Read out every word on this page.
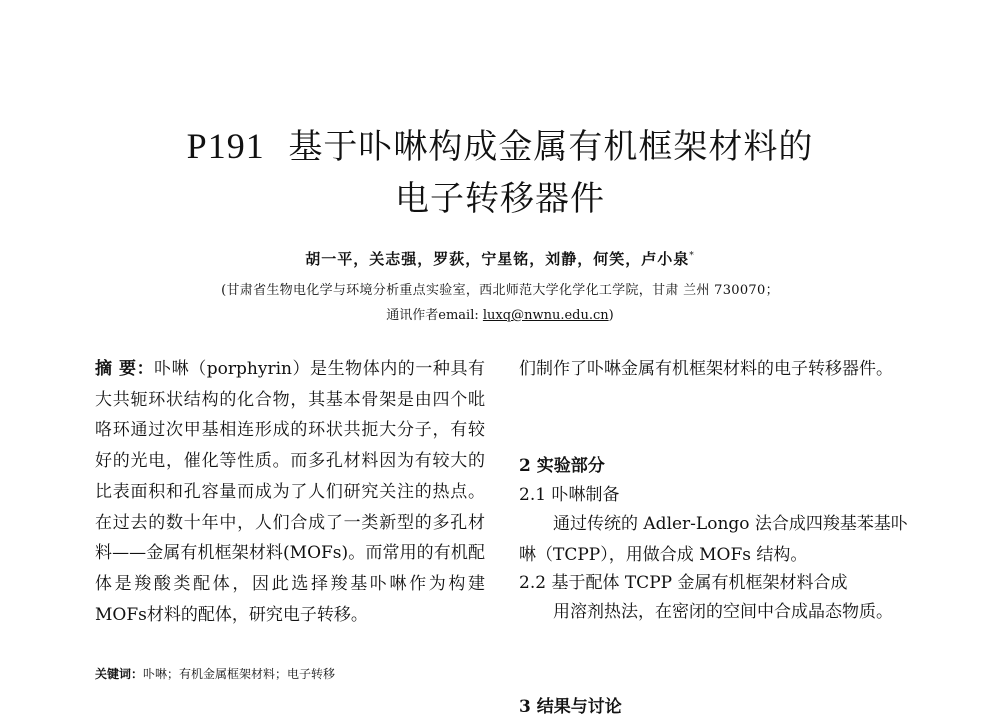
P191 基于卟啉构成金属有机框架材料的
电子转移器件
胡一平，关志强，罗荻，宁星铭，刘静，何笑，卢小泉*
(甘肃省生物电化学与环境分析重点实验室，西北师范大学化学化工学院，甘肃 兰州 730070；
通讯作者email: luxq@nwnu.edu.cn)
摘 要：卟啉（porphyrin）是生物体内的一种具有大共轭环状结构的化合物，其基本骨架是由四个吡咯环通过次甲基相连形成的环状共扼大分子，有较好的光电，催化等性质。而多孔材料因为有较大的比表面积和孔容量而成为了人们研究关注的热点。在过去的数十年中，人们合成了一类新型的多孔材料——金属有机框架材料(MOFs)。而常用的有机配体是羧酸类配体，因此选择羧基卟啉作为构建MOFs材料的配体，研究电子转移。
关键词：卟啉；有机金属框架材料；电子转移
们制作了卟啉金属有机框架材料的电子转移器件。
2 实验部分
2.1 卟啉制备
通过传统的 Adler-Longo 法合成四羧基苯基卟啉（TCPP），用做合成 MOFs 结构。
2.2 基于配体 TCPP 金属有机框架材料合成
用溶剂热法，在密闭的空间中合成晶态物质。
3 结果与讨论
